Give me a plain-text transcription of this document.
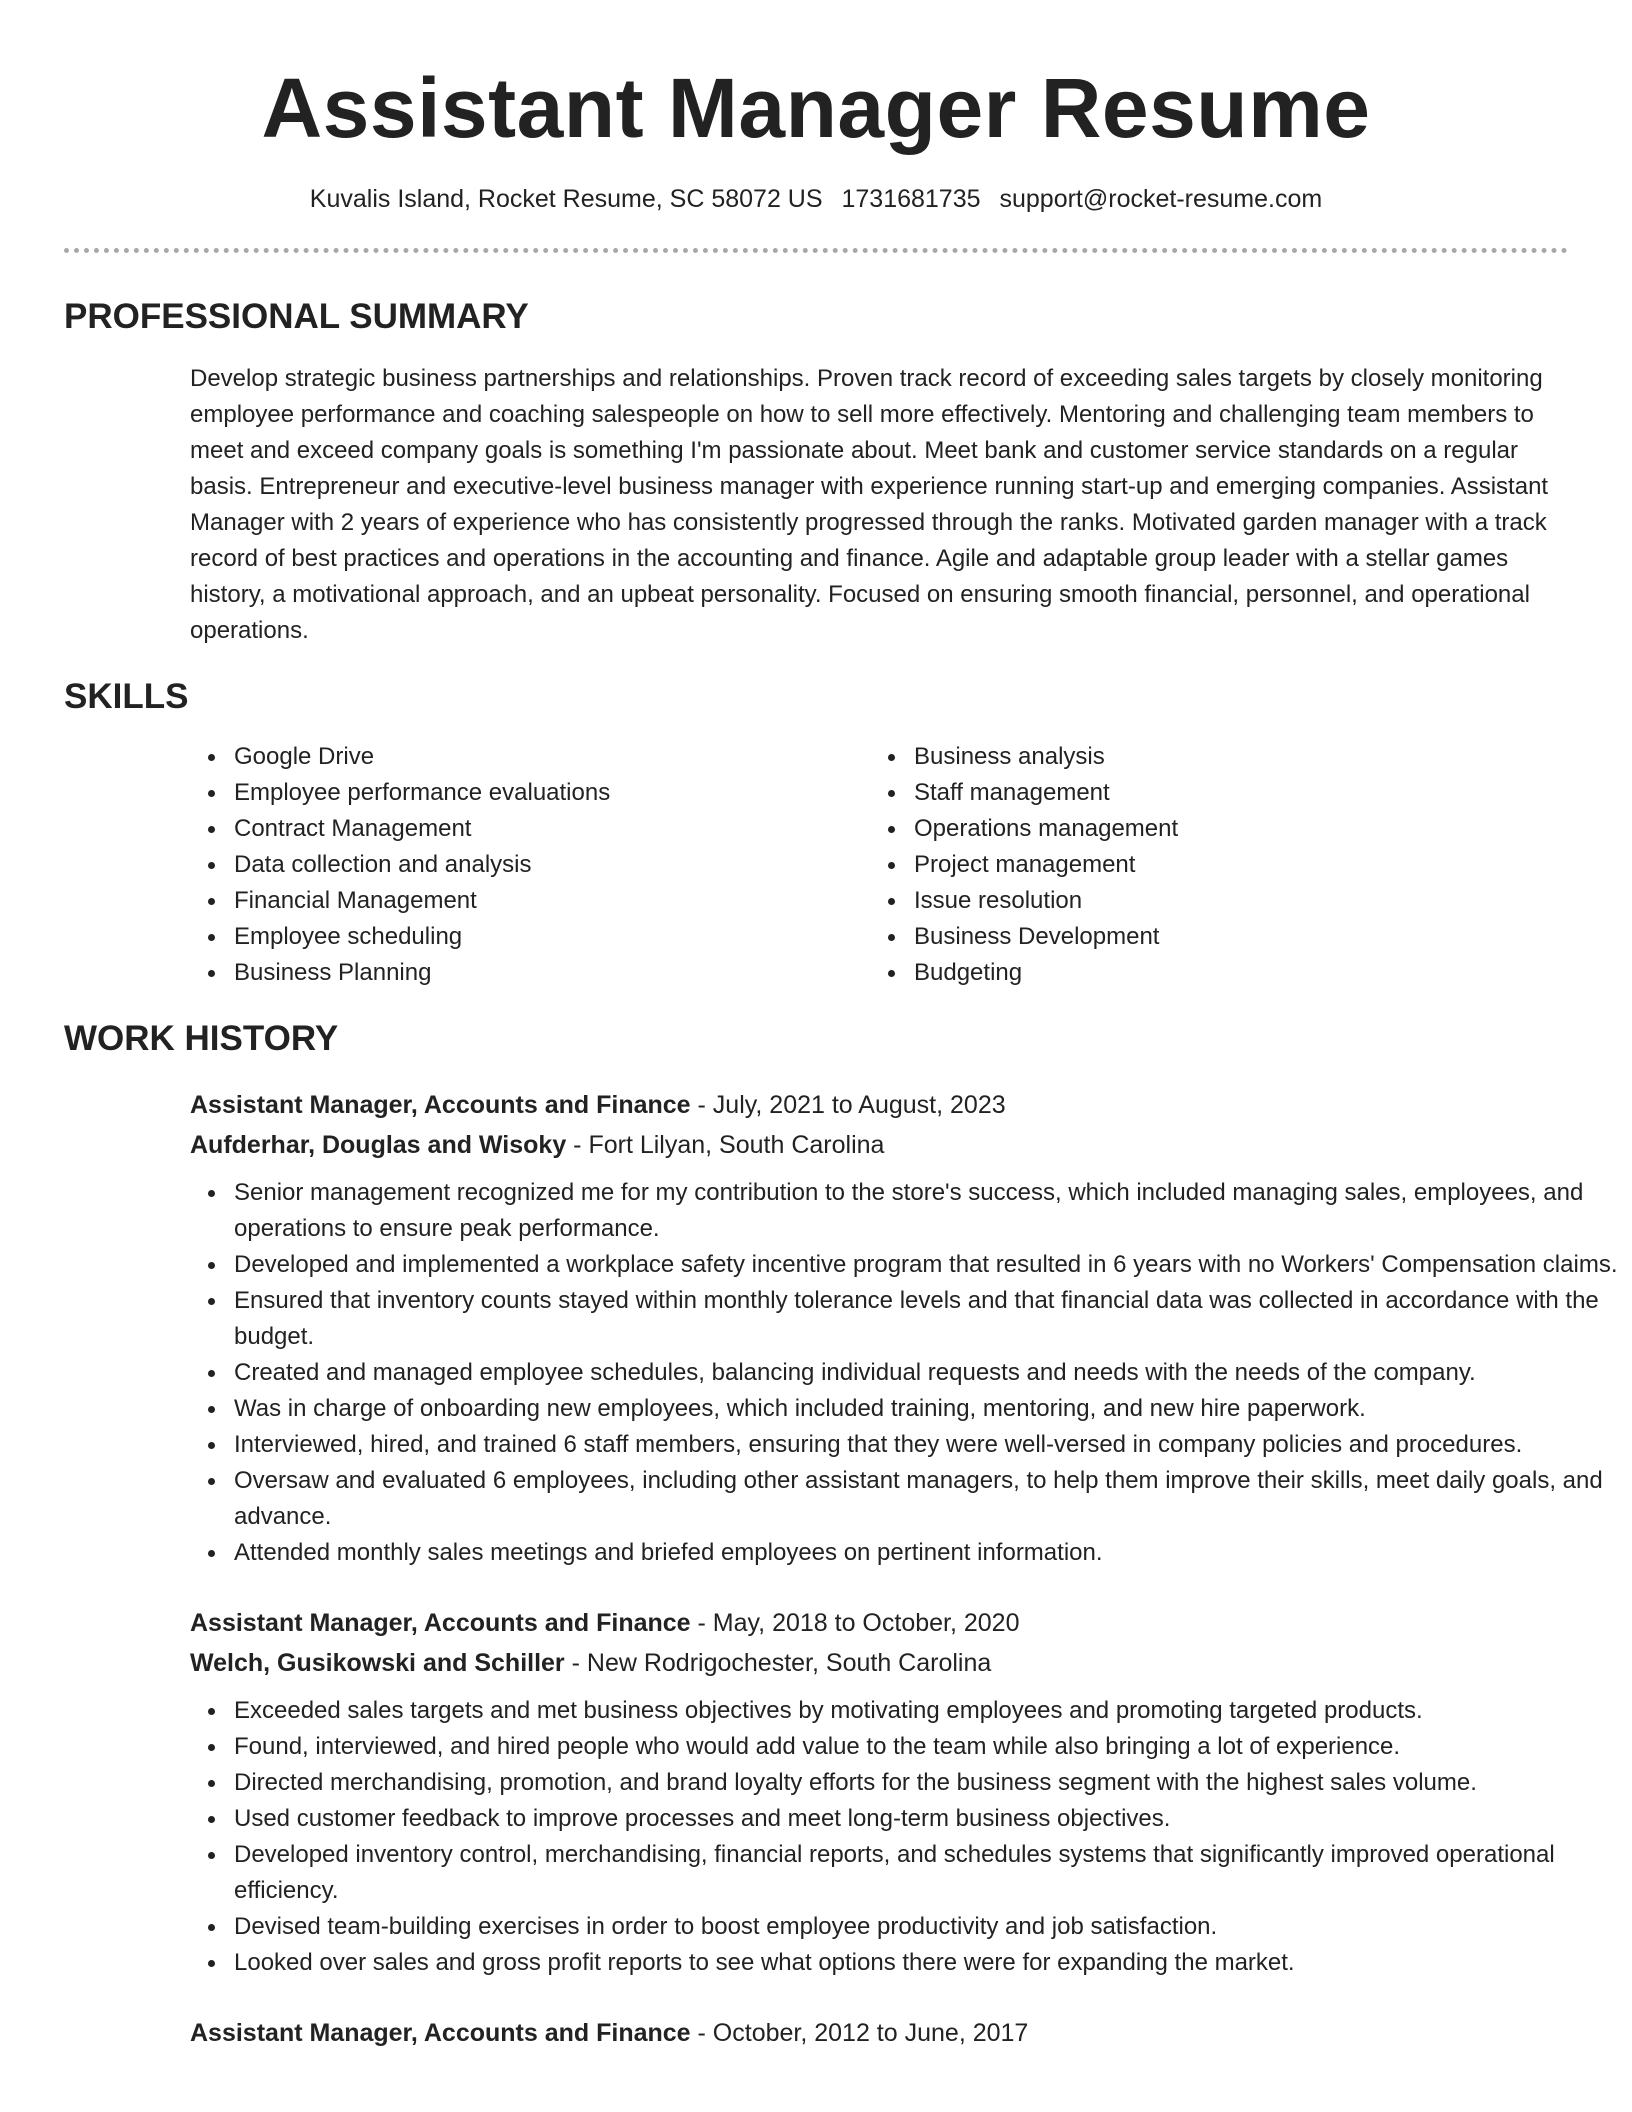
Assistant Manager Resume
Kuvalis Island, Rocket Resume, SC 58072 US 1731681735 support@rocket-resume.com
PROFESSIONAL SUMMARY

Develop strategic business partnerships and relationships. Proven track record of exceeding sales targets by closely monitoring employee performance and coaching salespeople on how to sell more effectively. Mentoring and challenging team members to meet and exceed company goals is something I'm passionate about. Meet bank and customer service standards on a regular basis. Entrepreneur and executive-level business manager with experience running start-up and emerging companies. Assistant Manager with 2 years of experience who has consistently progressed through the ranks. Motivated garden manager with a track record of best practices and operations in the accounting and finance. Agile and adaptable group leader with a stellar games history, a motivational approach, and an upbeat personality. Focused on ensuring smooth financial, personnel, and operational operations.

SKILLS
Google Drive
Employee performance evaluations
Contract Management
Data collection and analysis
Financial Management
Employee scheduling
Business Planning
Business analysis
Staff management
Operations management
Project management
Issue resolution
Business Development
Budgeting
WORK HISTORY
Assistant Manager, Accounts and Finance - July, 2021 to August, 2023
Aufderhar, Douglas and Wisoky - Fort Lilyan, South Carolina
Senior management recognized me for my contribution to the store's success, which included managing sales, employees, and operations to ensure peak performance.
Developed and implemented a workplace safety incentive program that resulted in 6 years with no Workers' Compensation claims.
Ensured that inventory counts stayed within monthly tolerance levels and that financial data was collected in accordance with the budget.
Created and managed employee schedules, balancing individual requests and needs with the needs of the company.
Was in charge of onboarding new employees, which included training, mentoring, and new hire paperwork.
Interviewed, hired, and trained 6 staff members, ensuring that they were well-versed in company policies and procedures.
Oversaw and evaluated 6 employees, including other assistant managers, to help them improve their skills, meet daily goals, and advance.
Attended monthly sales meetings and briefed employees on pertinent information.
Assistant Manager, Accounts and Finance - May, 2018 to October, 2020
Welch, Gusikowski and Schiller - New Rodrigochester, South Carolina
Exceeded sales targets and met business objectives by motivating employees and promoting targeted products.
Found, interviewed, and hired people who would add value to the team while also bringing a lot of experience.
Directed merchandising, promotion, and brand loyalty efforts for the business segment with the highest sales volume.
Used customer feedback to improve processes and meet long-term business objectives.
Developed inventory control, merchandising, financial reports, and schedules systems that significantly improved operational efficiency.
Devised team-building exercises in order to boost employee productivity and job satisfaction.
Looked over sales and gross profit reports to see what options there were for expanding the market.
Assistant Manager, Accounts and Finance - October, 2012 to June, 2017
